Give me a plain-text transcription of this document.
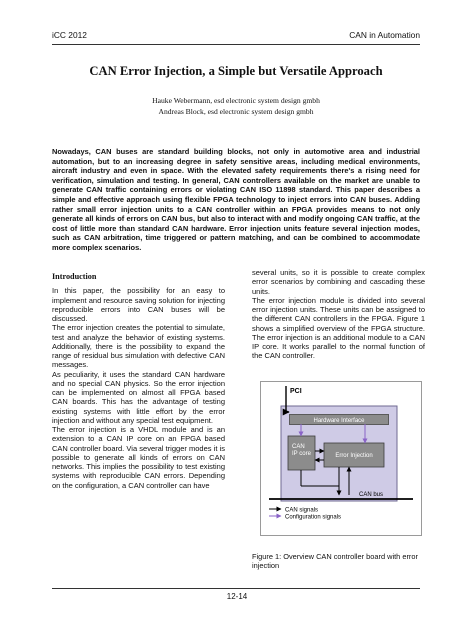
iCC 2012	CAN in Automation
CAN Error Injection, a Simple but Versatile Approach
Hauke Webermann, esd electronic system design gmbh
Andreas Block, esd electronic system design gmbh
Nowadays, CAN buses are standard building blocks, not only in automotive area and industrial automation, but to an increasing degree in safety sensitive areas, including medical environments, aircraft industry and even in space. With the elevated safety requirements there's a rising need for verification, simulation and testing. In general, CAN controllers available on the market are unable to generate CAN traffic containing errors or violating CAN ISO 11898 standard. This paper describes a simple and effective approach using flexible FPGA technology to inject errors into CAN buses. Adding rather small error injection units to a CAN controller within an FPGA provides means to not only generate all kinds of errors on CAN bus, but also to interact with and modify ongoing CAN traffic, at the cost of little more than standard CAN hardware. Error injection units feature several injection modes, such as CAN arbitration, time triggered or pattern matching, and can be combined to accommodate more complex scenarios.
Introduction

In this paper, the possibility for an easy to implement and resource saving solution for injecting reproducible errors into CAN buses will be discussed.

The error injection creates the potential to simulate, test and analyze the behavior of existing systems. Additionally, there is the possibility to expand the range of residual bus simulation with defective CAN messages.

As peculiarity, it uses the standard CAN hardware and no special CAN physics. So the error injection can be implemented on almost all FPGA based CAN boards. This has the advantage of testing existing systems with little effort by the error injection and without any special test equipment.

The error injection is a VHDL module and is an extension to a CAN IP core on an FPGA based CAN controller board. Via several trigger modes it is possible to generate all kinds of errors on CAN networks. This implies the possibility to test existing systems with reproducible CAN errors. Depending on the configuration, a CAN controller can have

several units, so it is possible to create complex error scenarios by combining and cascading these units.

The error injection module is divided into several error injection units. These units can be assigned to the different CAN controllers in the FPGA. Figure 1 shows a simplified overview of the FPGA structure. The error injection is an additional module to a CAN IP core. It works parallel to the normal function of the CAN controller.

PCI
Hardware Interface
CAN
IP core	Error Injection
CAN bus
CAN signals
Configuration signals
Figure 1: Overview CAN controller board with error injection
12-14
